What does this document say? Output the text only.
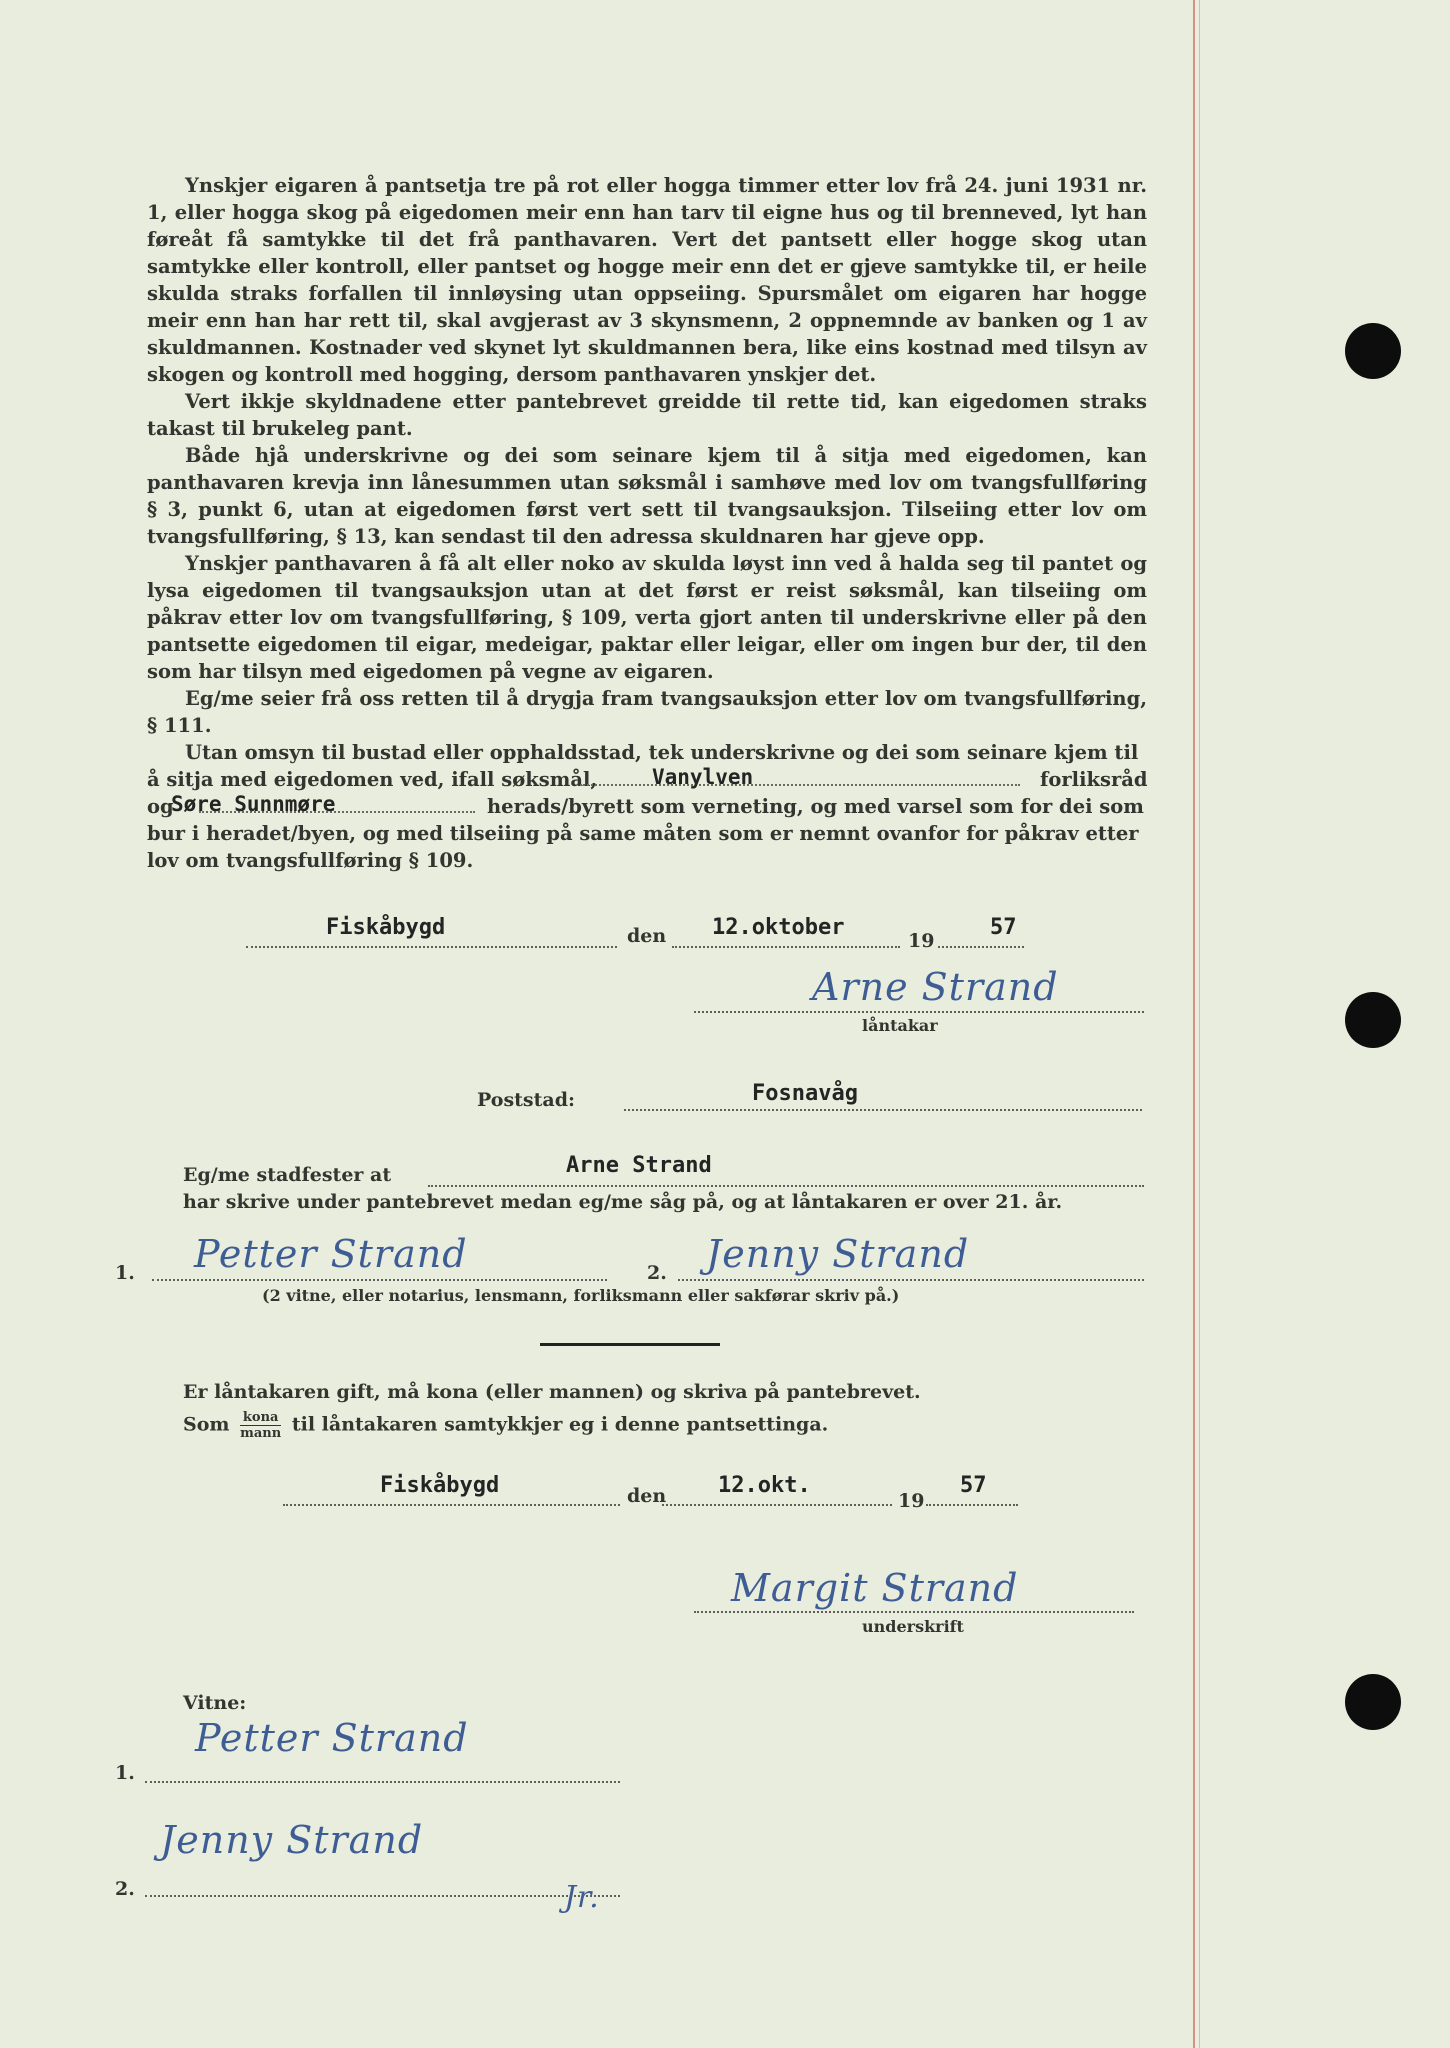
Ynskjer eigaren å pantsetja tre på rot eller hogga timmer etter lov frå 24. juni 1931 nr. 1, eller hogga skog på eigedomen meir enn han tarv til eigne hus og til brenneved, lyt han føreåt få samtykke til det frå panthavaren. Vert det pantsett eller hogge skog utan samtykke eller kontroll, eller pantset og hogge meir enn det er gjeve samtykke til, er heile skulda straks forfallen til innløysing utan oppseiing. Spursmålet om eigaren har hogge meir enn han har rett til, skal avgjerast av 3 skynsmenn, 2 oppnemnde av banken og 1 av skuldmannen. Kostnader ved skynet lyt skuldmannen bera, like eins kostnad med tilsyn av skogen og kontroll med hogging, dersom panthavaren ynskjer det.

Vert ikkje skyldnadene etter pantebrevet greidde til rette tid, kan eigedomen straks takast til brukeleg pant.

Både hjå underskrivne og dei som seinare kjem til å sitja med eigedomen, kan panthavaren krevja inn lånesummen utan søksmål i samhøve med lov om tvangsfullføring § 3, punkt 6, utan at eigedomen først vert sett til tvangsauksjon. Tilseiing etter lov om tvangsfullføring, § 13, kan sendast til den adressa skuldnaren har gjeve opp.

Ynskjer panthavaren å få alt eller noko av skulda løyst inn ved å halda seg til pantet og lysa eigedomen til tvangsauksjon utan at det først er reist søksmål, kan tilseiing om påkrav etter lov om tvangsfullføring, § 109, verta gjort anten til underskrivne eller på den pantsette eigedomen til eigar, medeigar, paktar eller leigar, eller om ingen bur der, til den som har tilsyn med eigedomen på vegne av eigaren.

Eg/me seier frå oss retten til å drygja fram tvangsauksjon etter lov om tvangsfullføring, § 111.

Utan omsyn til bustad eller opphaldsstad, tek underskrivne og dei som seinare kjem til

å sitja med eigedomen ved, ifall søksmål,	Vanylven	forliksråd
og
Søre Sunnmøre	herads/byrett som verneting, og med varsel som for dei som
bur i heradet/byen, og med tilseiing på same måten som er nemnt ovanfor for påkrav etter
lov om tvangsfullføring § 109.
Fiskåbygd	den 12.oktober
19
57
Arne Strand
låntakar
Poststad:	Fosnavåg
Eg/me stadfester at	Arne Strand
har skrive under pantebrevet medan eg/me såg på, og at låntakaren er over 21. år.
1. Petter Strand	2. Jenny Strand
(2 vitne, eller notarius, lensmann, forliksmann eller sakførar skriv på.)
Er låntakaren gift, må kona (eller mannen) og skriva på pantebrevet.
Som $\frac{\text{kona}}{\text{mann}}$ til låntakaren samtykkjer eg i denne pantsettinga.
Fiskåbygd	den 12.okt.
19
57
Margit Strand
underskrift
Vitne:
1.
Petter Strand
2.
Jenny Strand
Jr.
